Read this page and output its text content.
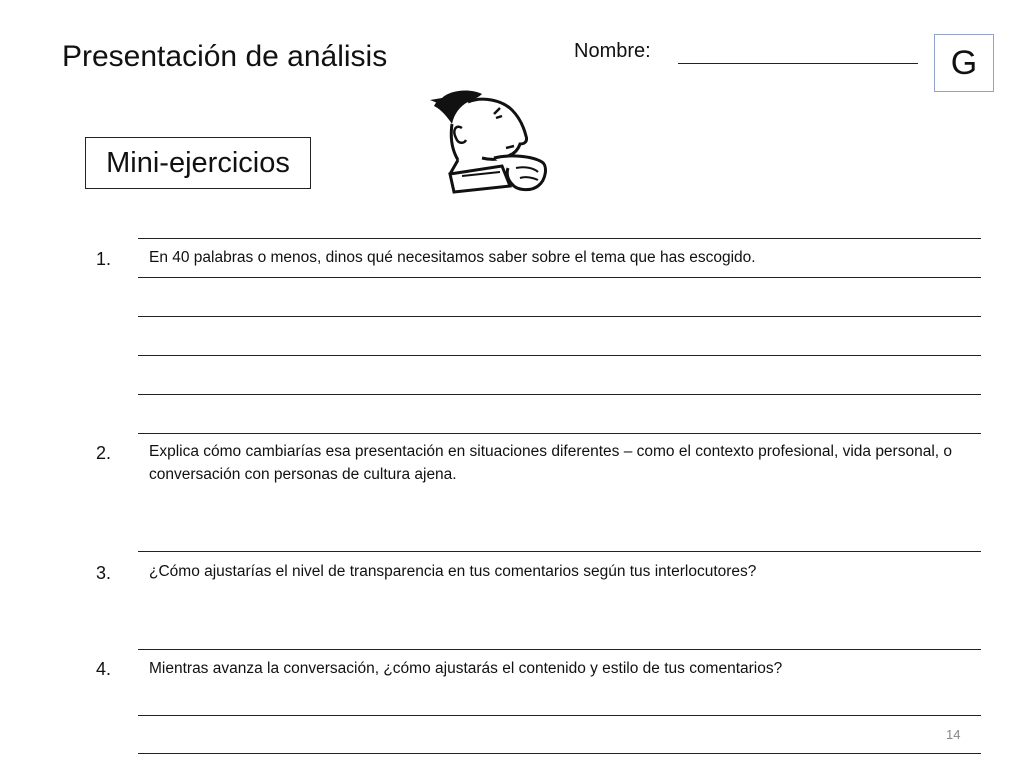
Presentación de análisis	Nombre:	G
Mini-ejercicios
1. En 40 palabras o menos, dinos qué necesitamos saber sobre el tema que has escogido.
2. Explica cómo cambiarías esa presentación en situaciones diferentes – como el contexto profesional, vida personal, o conversación con personas de cultura ajena.
3. ¿Cómo ajustarías el nivel de transparencia en tus comentarios según tus interlocutores?
4. Mientras avanza la conversación, ¿cómo ajustarás el contenido y estilo de tus comentarios?
14
